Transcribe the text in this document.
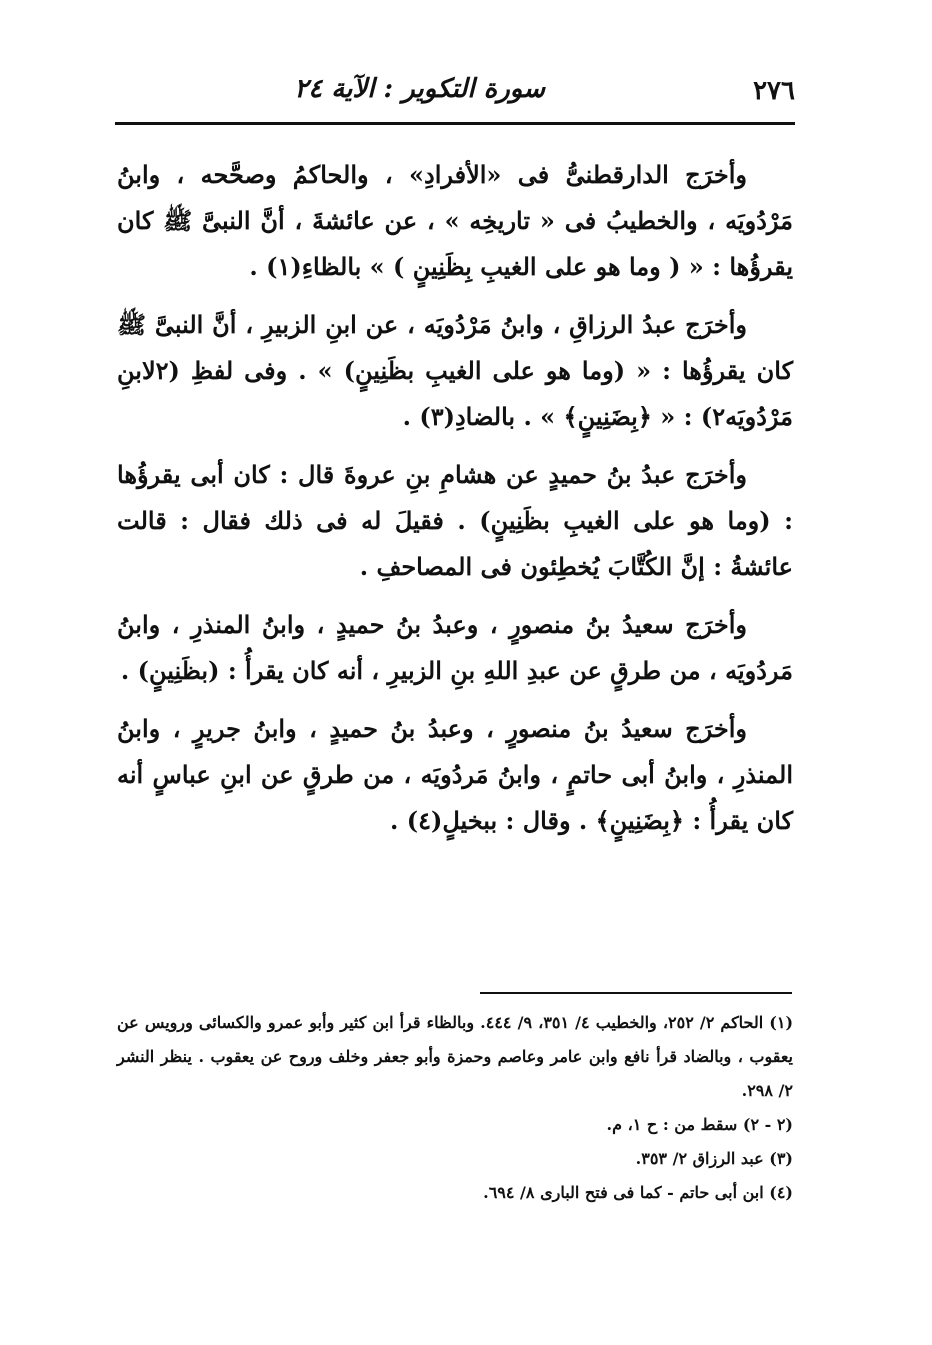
٢٧٦
سورة التكوير : الآية ٢٤

وأخرَج الدارقطنىُّ فى «الأفرادِ» ، والحاكمُ وصحَّحه ، وابنُ مَرْدُويَه ، والخطيبُ فى « تاريخِه » ، عن عائشةَ ، أنَّ النبىَّ ﷺ كان يقرؤُها : « ( وما هو على الغيبِ بِظَنِينٍ ) » بالظاءِ(١) .

وأخرَج عبدُ الرزاقِ ، وابنُ مَرْدُويَه ، عن ابنِ الزبيرِ ، أنَّ النبىَّ ﷺ كان يقرؤُها : « (وما هو على الغيبِ بظَنِينٍ) » . وفى لفظِ (٢لابنِ مَرْدُويَه٢) : « ﴿بِضَنِينٍ﴾ » . بالضادِ(٣) .

وأخرَج عبدُ بنُ حميدٍ عن هشامِ بنِ عروةَ قال : كان أبى يقرؤُها : (وما هو على الغيبِ بظَنِينٍ) . فقيلَ له فى ذلك فقال : قالت عائشةُ : إنَّ الكُتَّابَ يُخطِئون فى المصاحفِ .

وأخرَج سعيدُ بنُ منصورٍ ، وعبدُ بنُ حميدٍ ، وابنُ المنذرِ ، وابنُ مَردُويَه ، من طرقٍ عن عبدِ اللهِ بنِ الزبيرِ ، أنه كان يقرأُ : (بظَنِينٍ) .

وأخرَج سعيدُ بنُ منصورٍ ، وعبدُ بنُ حميدٍ ، وابنُ جريرٍ ، وابنُ المنذرِ ، وابنُ أبى حاتمٍ ، وابنُ مَردُويَه ، من طرقٍ عن ابنِ عباسٍ أنه كان يقرأُ : ﴿بِضَنِينٍ﴾ . وقال : ببخيلٍ(٤) .

(١) الحاكم ٢/ ٢٥٢، والخطيب ٤/ ٣٥١، ٩/ ٤٤٤. وبالظاء قرأ ابن كثير وأبو عمرو والكسائى ورويس عن يعقوب ، وبالضاد قرأ نافع وابن عامر وعاصم وحمزة وأبو جعفر وخلف وروح عن يعقوب . ينظر النشر ٢/ ٢٩٨.

(٢ - ٢) سقط من : ح ١، م.

(٣) عبد الرزاق ٢/ ٣٥٣.

(٤) ابن أبى حاتم - كما فى فتح البارى ٨/ ٦٩٤.
